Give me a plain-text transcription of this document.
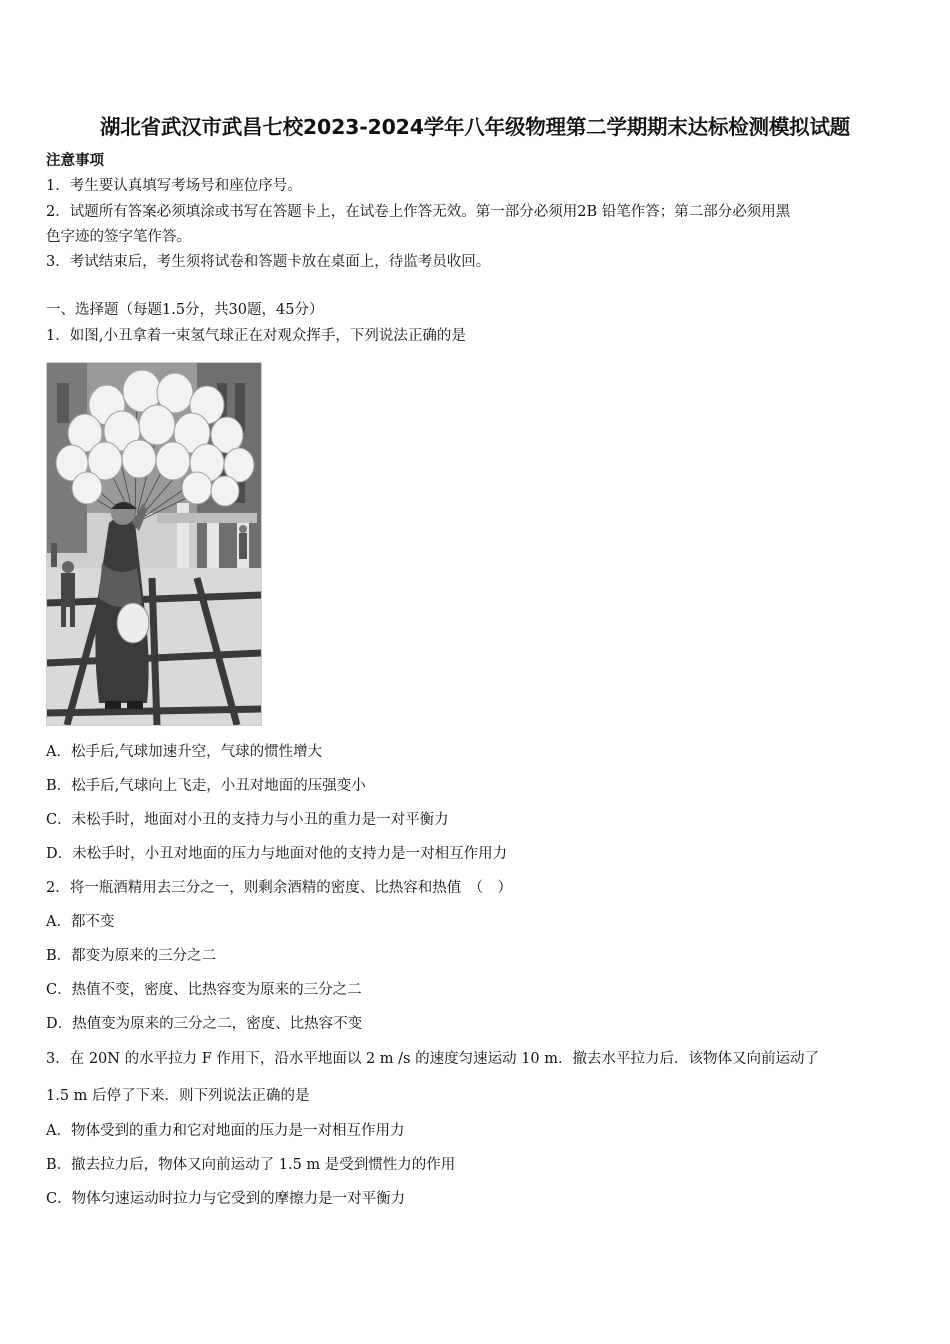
湖北省武汉市武昌七校2023-2024学年八年级物理第二学期期末达标检测模拟试题
注意事项
1．考生要认真填写考场号和座位序号。
2．试题所有答案必须填涂或书写在答题卡上，在试卷上作答无效。第一部分必须用2B 铅笔作答；第二部分必须用黑
色字迹的签字笔作答。
3．考试结束后，考生须将试卷和答题卡放在桌面上，待监考员收回。
一、选择题（每题1.5分，共30题，45分）
1．如图,小丑拿着一束氢气球正在对观众挥手，下列说法正确的是
A．松手后,气球加速升空，气球的惯性增大
B．松手后,气球向上飞走，小丑对地面的压强变小
C．未松手时，地面对小丑的支持力与小丑的重力是一对平衡力
D．未松手时，小丑对地面的压力与地面对他的支持力是一对相互作用力
2．将一瓶酒精用去三分之一，则剩余酒精的密度、比热容和热值　（　）
A．都不变
B．都变为原来的三分之二
C．热值不变，密度、比热容变为原来的三分之二
D．热值变为原来的三分之二，密度、比热容不变
3．在 20N 的水平拉力 F 作用下，沿水平地面以 2 m /s 的速度匀速运动 10 m．撤去水平拉力后．该物体又向前运动了
1.5 m 后停了下来．则下列说法正确的是
A．物体受到的重力和它对地面的压力是一对相互作用力
B．撤去拉力后，物体又向前运动了 1.5 m 是受到惯性力的作用
C．物体匀速运动时拉力与它受到的摩擦力是一对平衡力
